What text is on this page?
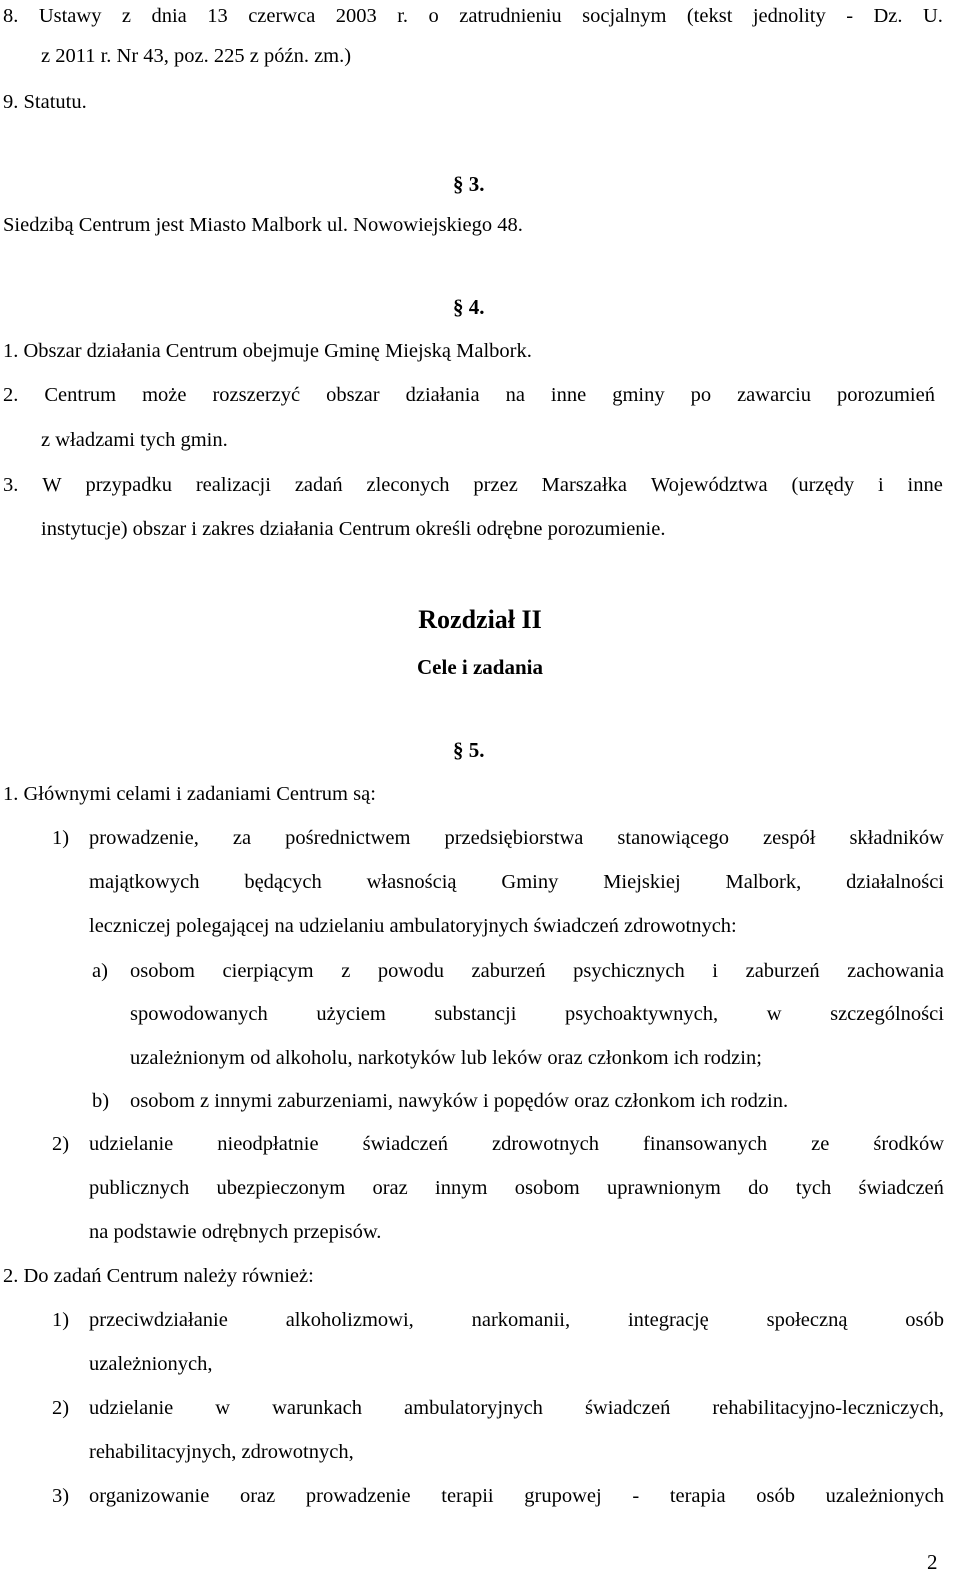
8. Ustawy z dnia 13 czerwca 2003 r. o zatrudnieniu socjalnym (tekst jednolity - Dz. U.
z 2011 r. Nr 43, poz. 225 z późn. zm.)
9. Statutu.
§ 3.
Siedzibą Centrum jest Miasto Malbork ul. Nowowiejskiego 48.
§ 4.
1. Obszar działania Centrum obejmuje Gminę Miejską Malbork.
2. Centrum może rozszerzyć obszar działania na inne gminy po zawarciu porozumień
z władzami tych gmin.
3. W przypadku realizacji zadań zleconych przez Marszałka Województwa (urzędy i inne
instytucje) obszar i zakres działania Centrum określi odrębne porozumienie.
Rozdział II
Cele i zadania
§ 5.
1. Głównymi celami i zadaniami Centrum są:
1) prowadzenie, za pośrednictwem przedsiębiorstwa stanowiącego zespół składników
majątkowych będących własnością Gminy Miejskiej Malbork, działalności
leczniczej polegającej na udzielaniu ambulatoryjnych świadczeń zdrowotnych:
a) osobom cierpiącym z powodu zaburzeń psychicznych i zaburzeń zachowania
spowodowanych użyciem substancji psychoaktywnych, w szczególności
uzależnionym od alkoholu, narkotyków lub leków oraz członkom ich rodzin;
b) osobom z innymi zaburzeniami, nawyków i popędów oraz członkom ich rodzin.
2) udzielanie nieodpłatnie świadczeń zdrowotnych finansowanych ze środków
publicznych ubezpieczonym oraz innym osobom uprawnionym do tych świadczeń
na podstawie odrębnych przepisów.
2. Do zadań Centrum należy również:
1) przeciwdziałanie	alkoholizmowi,	narkomanii,	integrację	społeczną	osób
uzależnionych,
2) udzielanie w warunkach ambulatoryjnych świadczeń rehabilitacyjno-leczniczych,
rehabilitacyjnych, zdrowotnych,
3) organizowanie oraz prowadzenie terapii grupowej - terapia osób uzależnionych
2
